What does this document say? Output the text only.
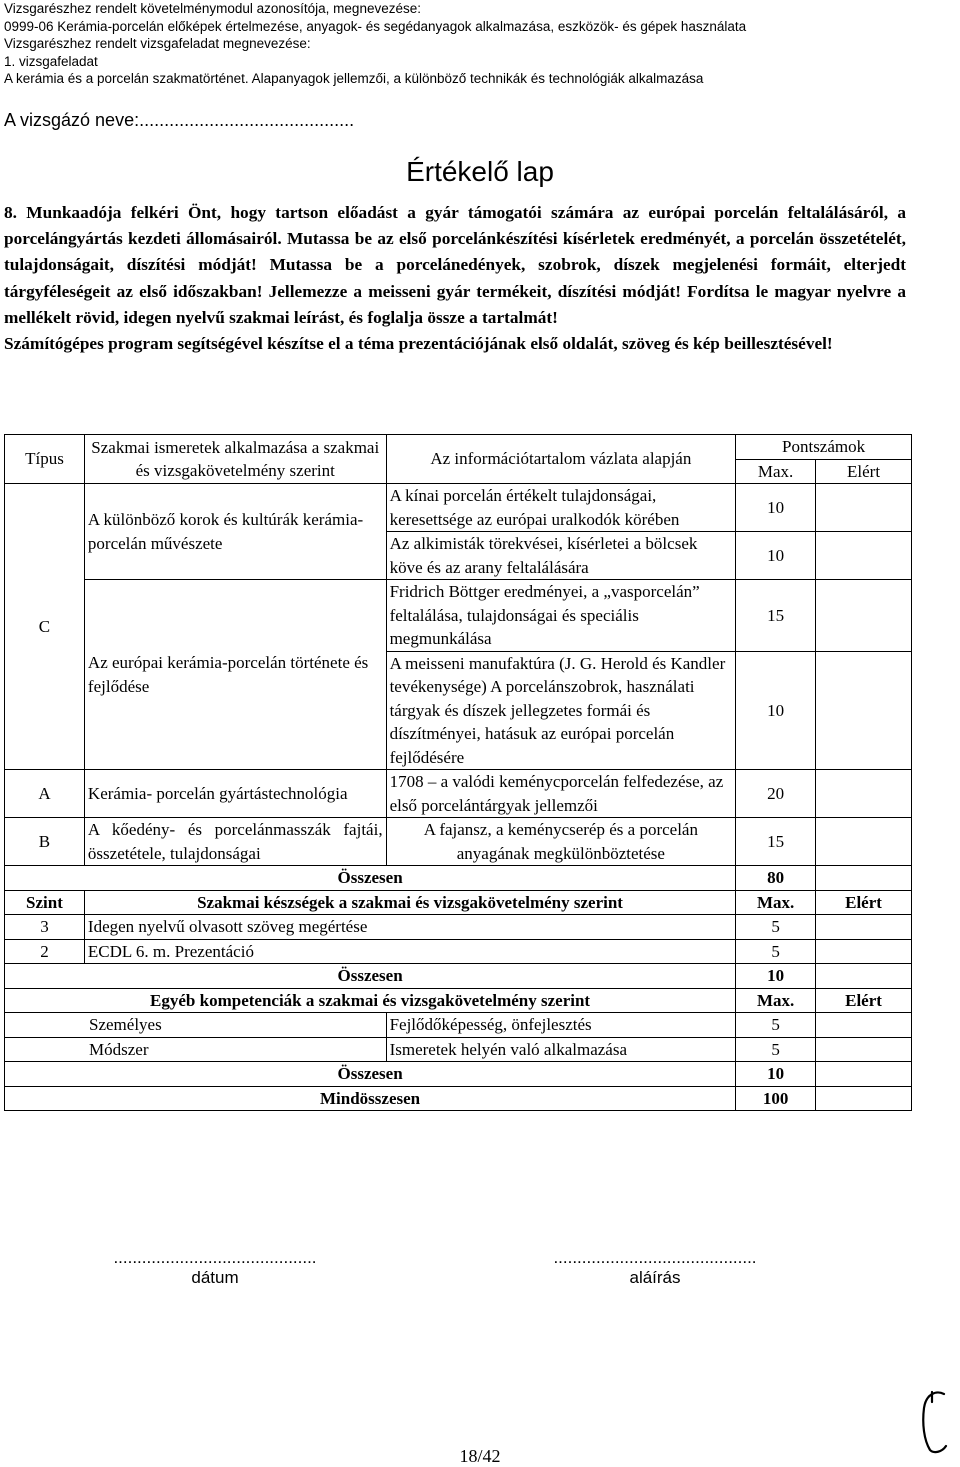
Vizsgarészhez rendelt követelménymodul azonosítója, megnevezése:
0999-06 Kerámia-porcelán előképek értelmezése, anyagok- és segédanyagok alkalmazása, eszközök- és gépek használata
Vizsgarészhez rendelt vizsgafeladat megnevezése:
1. vizsgafeladat
A kerámia és a porcelán szakmatörténet. Alapanyagok jellemzői, a különböző technikák és technológiák alkalmazása
A vizsgázó neve:...........................................
Értékelő lap

8. Munkaadója felkéri Önt, hogy tartson előadást a gyár támogatói számára az európai porcelán feltalálásáról, a porcelángyártás kezdeti állomásairól. Mutassa be az első porcelánkészítési kísérletek eredményét, a porcelán összetételét, tulajdonságait, díszítési módját! Mutassa be a porcelánedények, szobrok, díszek megjelenési formáit, elterjedt tárgyféleségeit az első időszakban! Jellemezze a meisseni gyár termékeit, díszítési módját! Fordítsa le magyar nyelvre a mellékelt rövid, idegen nyelvű szakmai leírást, és foglalja össze a tartalmát!

Számítógépes program segítségével készítse el a téma prezentációjának első oldalát, szöveg és kép beillesztésével!

Típus	Szakmai ismeretek alkalmazása a szakmai és vizsgakövetelmény szerint	Az információtartalom vázlata alapján	Pontszámok	
			Max.	Elért
C	A különböző korok és kultúrák kerámia-porcelán művészete	A kínai porcelán értékelt tulajdonságai, keresettsége az európai uralkodók körében	10	
		Az alkimisták törekvései, kísérletei a bölcsek köve és az arany feltalálására	10	
	Az európai kerámia-porcelán története és fejlődése	Fridrich Böttger eredményei, a „vasporcelán” feltalálása, tulajdonságai és speciális megmunkálása	15	
		A meisseni manufaktúra (J. G. Herold és Kandler tevékenysége) A porcelánszobrok, használati tárgyak és díszek jellegzetes formái és díszítményei, hatásuk az európai porcelán fejlődésére	10	
A	Kerámia- porcelán gyártástechnológia	1708 – a valódi keménycporcelán felfedezése, az első porcelántárgyak jellemzői	20	
B	A kőedény- és porcelánmasszák fajtái, összetétele, tulajdonságai	A fajansz, a keménycserép és a porcelán anyagának megkülönböztetése	15	
Összesen			80	
Szint	Szakmai készségek a szakmai és vizsgakövetelmény szerint		Max.	Elért
3	Idegen nyelvű olvasott szöveg megértése		5	
2	ECDL 6. m. Prezentáció		5	
Összesen			10	
Egyéb kompetenciák a szakmai és vizsgakövetelmény szerint			Max.	Elért
Személyes		Fejlődőképesség, önfejlesztés	5	
Módszer		Ismeretek helyén való alkalmazása	5	
Összesen			10	
Mindösszesen			100	
...........................................
dátum
...........................................
aláírás
18/42
